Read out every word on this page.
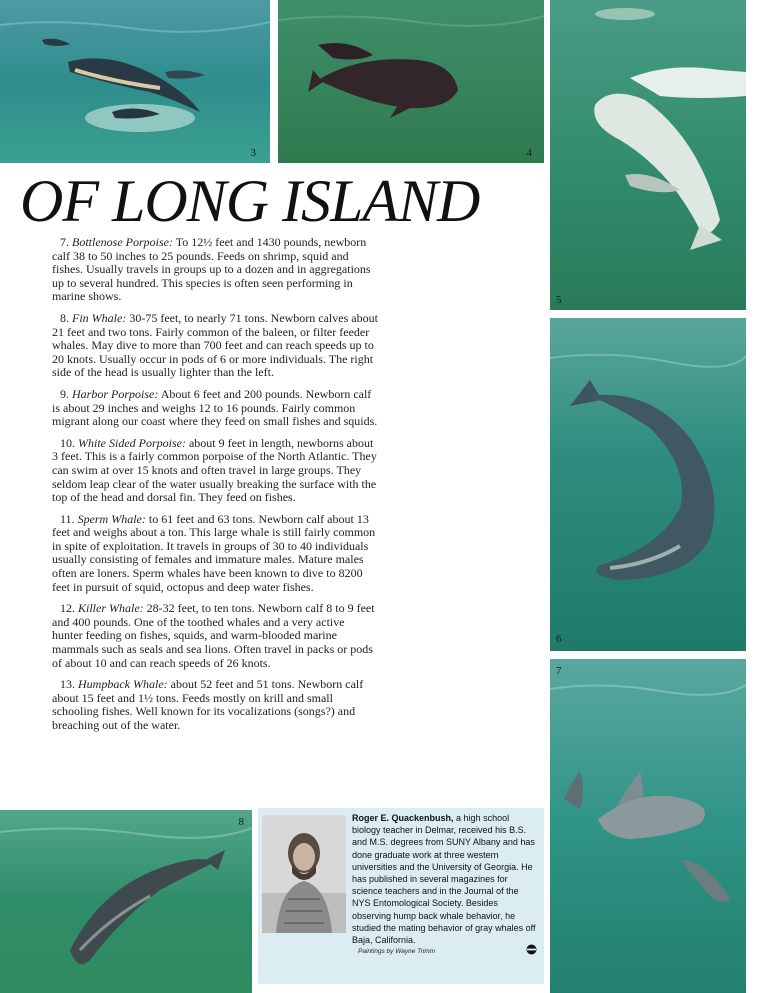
3	4
5
6
7
8
OF LONG ISLAND

7. Bottlenose Porpoise: To 12½ feet and 1430 pounds, newborn calf 38 to 50 inches to 25 pounds. Feeds on shrimp, squid and fishes. Usually travels in groups up to a dozen and in aggregations up to several hundred. This species is often seen performing in marine shows.

8. Fin Whale: 30-75 feet, to nearly 71 tons. Newborn calves about 21 feet and two tons. Fairly common of the baleen, or filter feeder whales. May dive to more than 700 feet and can reach speeds up to 20 knots. Usually occur in pods of 6 or more individuals. The right side of the head is usually lighter than the left.

9. Harbor Porpoise: About 6 feet and 200 pounds. Newborn calf is about 29 inches and weighs 12 to 16 pounds. Fairly common migrant along our coast where they feed on small fishes and squids.

10. White Sided Porpoise: about 9 feet in length, newborns about 3 feet. This is a fairly common porpoise of the North Atlantic. They can swim at over 15 knots and often travel in large groups. They seldom leap clear of the water usually breaking the surface with the top of the head and dorsal fin. They feed on fishes.

11. Sperm Whale: to 61 feet and 63 tons. Newborn calf about 13 feet and weighs about a ton. This large whale is still fairly common in spite of exploitation. It travels in groups of 30 to 40 individuals usually consisting of females and immature males. Mature males often are loners. Sperm whales have been known to dive to 8200 feet in pursuit of squid, octopus and deep water fishes.

12. Killer Whale: 28-32 feet, to ten tons. Newborn calf 8 to 9 feet and 400 pounds. One of the toothed whales and a very active hunter feeding on fishes, squids, and warm-blooded marine mammals such as seals and sea lions. Often travel in packs or pods of about 10 and can reach speeds of 26 knots.

13. Humpback Whale: about 52 feet and 51 tons. Newborn calf about 15 feet and 1½ tons. Feeds mostly on krill and small schooling fishes. Well known for its vocalizations (songs?) and breaching out of the water.

Roger E. Quackenbush, a high school biology teacher in Delmar, received his B.S. and M.S. degrees from SUNY Albany and has done graduate work at three western universities and the University of Georgia. He has published in several magazines for science teachers and in the Journal of the NYS Entomological Society. Besides observing hump back whale behavior, he studied the mating behavior of gray whales off Baja, California.
Paintings by Wayne Trimm
